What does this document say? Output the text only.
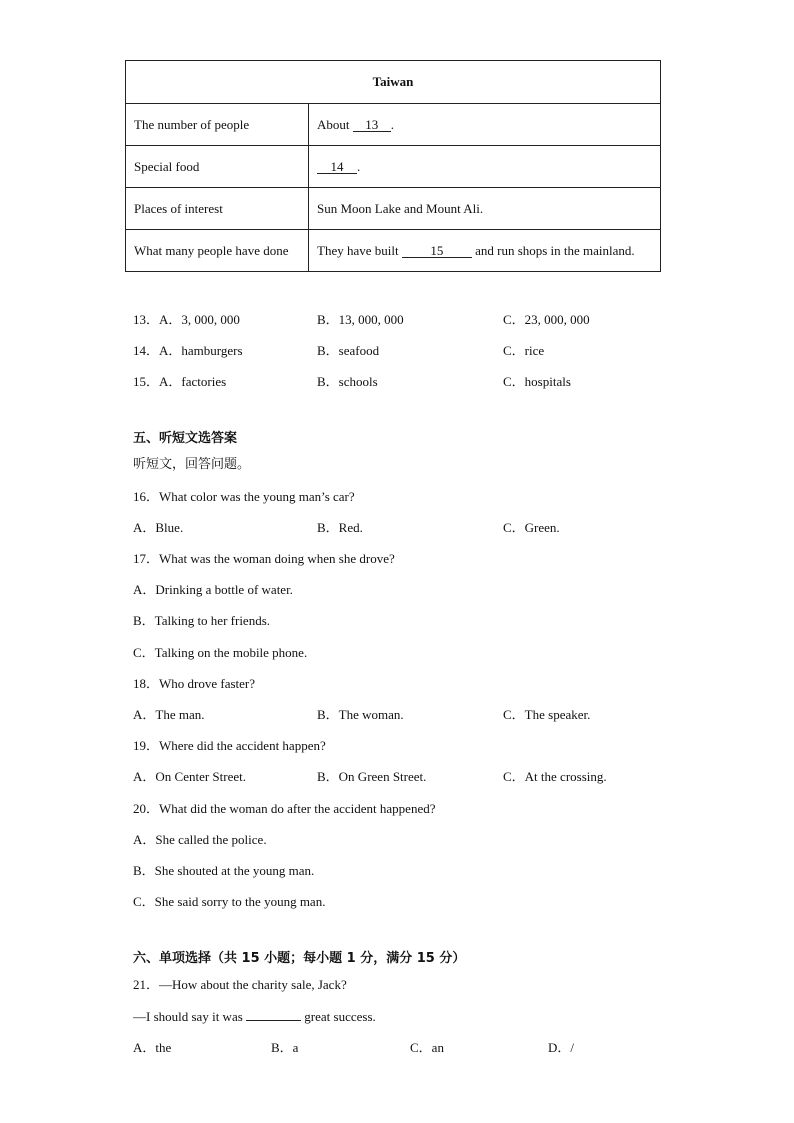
Taiwan	
The number of people	About 13 .
Special food	14 .
Places of interest	Sun Moon Lake and Mount Ali.
What many people have done	They have built 15 and run shops in the mainland.
13．A．3, 000, 000	B．13, 000, 000	C．23, 000, 000
14．A．hamburgers	B．seafood	C．rice
15．A．factories	B．schools	C．hospitals
五、听短文选答案
听短文，回答问题。
16．What color was the young man’s car?
A．Blue.	B．Red.	C．Green.
17．What was the woman doing when she drove?
A．Drinking a bottle of water.
B．Talking to her friends.
C．Talking on the mobile phone.
18．Who drove faster?
A．The man.	B．The woman.	C．The speaker.
19．Where did the accident happen?
A．On Center Street.	B．On Green Street.	C．At the crossing.
20．What did the woman do after the accident happened?
A．She called the police.
B．She shouted at the young man.
C．She said sorry to the young man.
六、单项选择（共 15 小题；每小题 1 分，满分 15 分）
21．—How about the charity sale, Jack?
—I should say it was	great success.
A．the	B．a	C．an	D．/
